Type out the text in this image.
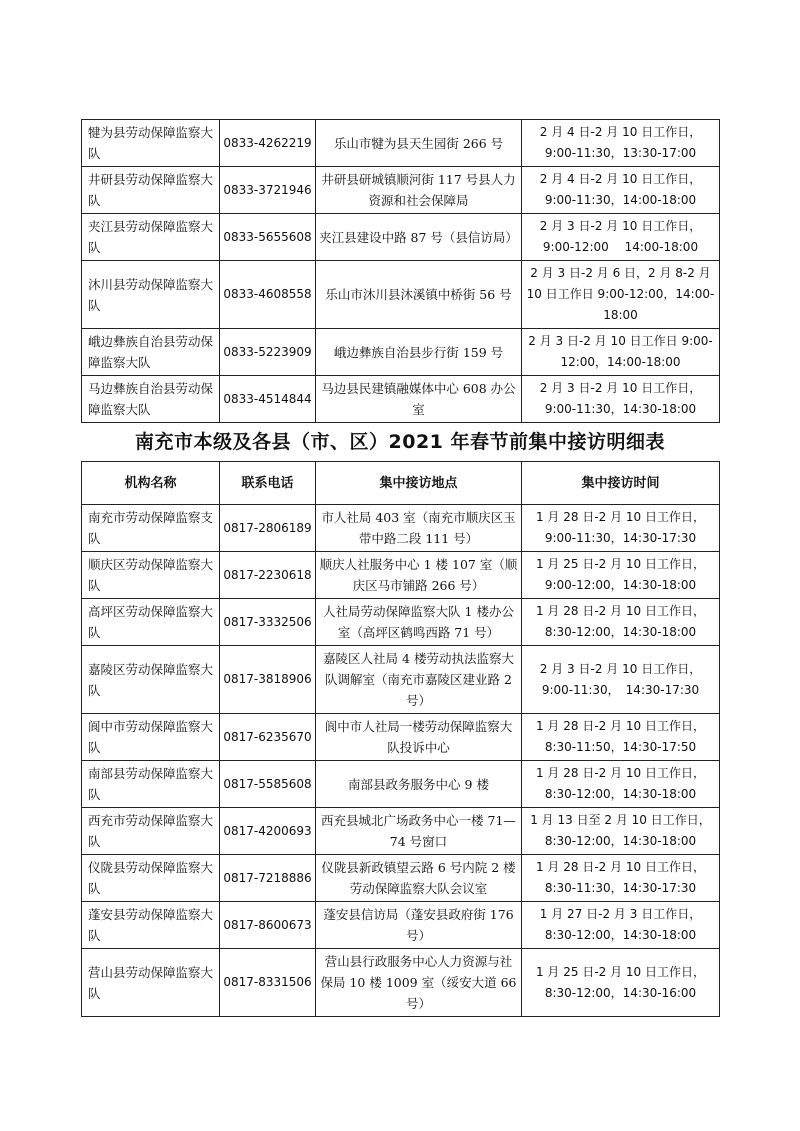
犍为县劳动保障监察大队	0833-4262219	乐山市犍为县天生园街 266 号	2 月 4 日-2 月 10 日工作日，9:00-11:30，13:30-17:00
井研县劳动保障监察大队	0833-3721946	井研县研城镇顺河街 117 号县人力资源和社会保障局	2 月 4 日-2 月 10 日工作日，9:00-11:30，14:00-18:00
夹江县劳动保障监察大队	0833-5655608	夹江县建设中路 87 号（县信访局）	2 月 3 日-2 月 10 日工作日，9:00-12:00　 14:00-18:00
沐川县劳动保障监察大队	0833-4608558	乐山市沐川县沐溪镇中桥街 56 号	2 月 3 日-2 月 6 日，2 月 8-2 月 10 日工作日 9:00-12:00，14:00-18:00
峨边彝族自治县劳动保障监察大队	0833-5223909	峨边彝族自治县步行街 159 号	2 月 3 日-2 月 10 日工作日 9:00-12:00，14:00-18:00
马边彝族自治县劳动保障监察大队	0833-4514844	马边县民建镇融媒体中心 608 办公室	2 月 3 日-2 月 10 日工作日，9:00-11:30，14:30-18:00
南充市本级及各县（市、区）2021 年春节前集中接访明细表
机构名称	联系电话	集中接访地点	集中接访时间
南充市劳动保障监察支队	0817-2806189	市人社局 403 室（南充市顺庆区玉带中路二段 111 号）	1 月 28 日-2 月 10 日工作日，9:00-11:30，14:30-17:30
顺庆区劳动保障监察大队	0817-2230618	顺庆人社服务中心 1 楼 107 室（顺庆区马市铺路 266 号）	1 月 25 日-2 月 10 日工作日，9:00-12:00，14:30-18:00
高坪区劳动保障监察大队	0817-3332506	人社局劳动保障监察大队 1 楼办公室（高坪区鹤鸣西路 71 号）	1 月 28 日-2 月 10 日工作日，8:30-12:00，14:30-18:00
嘉陵区劳动保障监察大队	0817-3818906	嘉陵区人社局 4 楼劳动执法监察大队调解室（南充市嘉陵区建业路 2 号）	2 月 3 日-2 月 10 日工作日，9:00-11:30，　14:30-17:30
阆中市劳动保障监察大队	0817-6235670	阆中市人社局一楼劳动保障监察大队投诉中心	1 月 28 日-2 月 10 日工作日，8:30-11:50，14:30-17:50
南部县劳动保障监察大队	0817-5585608	南部县政务服务中心 9 楼	1 月 28 日-2 月 10 日工作日，8:30-12:00，14:30-18:00
西充市劳动保障监察大队	0817-4200693	西充县城北广场政务中心一楼 71—74 号窗口	1 月 13 日至 2 月 10 日工作日，8:30-12:00，14:30-18:00
仪陇县劳动保障监察大队	0817-7218886	仪陇县新政镇望云路 6 号内院 2 楼劳动保障监察大队会议室	1 月 28 日-2 月 10 日工作日，8:30-11:30，14:30-17:30
蓬安县劳动保障监察大队	0817-8600673	蓬安县信访局（蓬安县政府街 176 号）	1 月 27 日-2 月 3 日工作日，8:30-12:00，14:30-18:00
营山县劳动保障监察大队	0817-8331506	营山县行政服务中心人力资源与社保局 10 楼 1009 室（绥安大道 66 号）	1 月 25 日-2 月 10 日工作日，8:30-12:00，14:30-16:00
